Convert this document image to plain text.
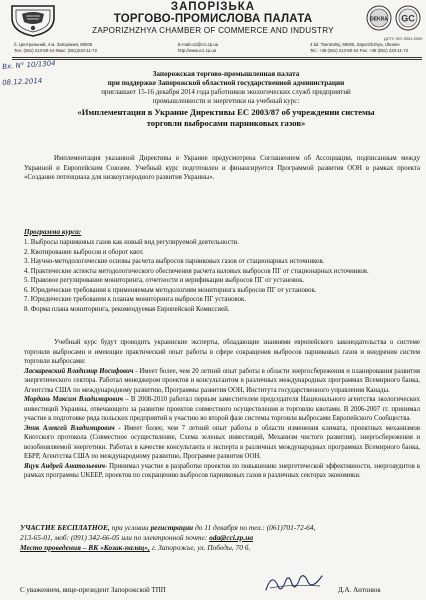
ЗАПОРІЗЬКА
ТОРГОВО-ПРОМИСЛОВА ПАЛАТА
ZAPORIZHZHYA CHAMBER OF COMMERCE AND INDUSTRY
DEKRA GC
ДСТУ ISO 9001:2009
б. Центральний, 4 м. Запоріжжя, 69005
Тел. (061) 213-50-24 Факс: (061)233-11-72
E-mail:oci@cci.zp.ua
http://www.cci.zp.ua
4 bd. Tsentralny, 69005, Zaporizhzhya, Ukraine
Tel.: +38 (061) 213-50-24 Fax: +38 (061) 233-11-72
Вх. N° 10/1304
08.12.2014
Запорожская торгово-промышленная палата
при поддержке Запорожской областной государственной администрации
приглашает 15-16 декабря 2014 года работников экологических служб предприятий
промышленности и энергетики на учебный курс:
«Имплементация в Украине Директивы ЕС 2003/87 об учреждении системы
торговли выбросами парниковых газов»

Имплементация указанной Директивы в Украине предусмотрена Соглашением об Ассоциации, подписанным между Украиной и Европейским Союзом. Учебный курс подготовлен и финансируется Программой развития ООН в рамках проекта «Создание потенциала для низкоуглеродного развития Украины».

Программа курса:
1. Выбросы парниковых газов как новый вид регулируемой деятельности.
2. Квотирование выбросов и оборот квот.
3. Научно-методологические основы расчета выбросов парниковых газов от стационарных источников.
4. Практические аспекты методологического обеспечения расчета валовых выбросов ПГ от стационарных источников.
5. Правовое регулирование мониторинга, отчетности и верификации выбросов ПГ от установок.
6. Юридические требования к применяемым методологиям мониторинга выбросов ПГ от установок.
7. Юридические требования к планам мониторинга выбросов ПГ установок.
8. Форма плана мониторинга, рекомендуемая Европейской Комиссией.

Учебный курс будут проводить украинские эксперты, обладающие знаниями европейского законодательства о системе торговли выбросами и имеющие практический опыт работы в сфере сокращения выбросов парниковых газов и внедрения систем торговли выбросами:

Ласкаревский Владимир Иосифович - Имеет более, чем 20 летний опыт работы в области энергосбережения и планирования развития энергетического сектора. Работал менеджером проектов и консультантом в различных международных программах Всемирного банка, Агентства США по международному развитию, Программы развития ООН, Института государственного управления Канады.

Мордань Максим Владимирович – В 2008-2010 работал первым заместителем председателя Национального агентства экологических инвестиций Украины, отвечающего за развитие проектов совместного осуществления и торговлю квотами. В 2006-2007 гг. принимал участие в подготовке ряда польских предприятий к участию во второй фазе системы торговли выбросами Европейского Сообщества.

Эпик Алексей Владимирович - Имеет более, чем 7 летний опыт работы в области изменения климата, проектных механизмов Киотского протокола (Совместное осуществление, Схема зеленых инвестиций, Механизм чистого развития), энергосбережения и возобновляемой энергетики. Работал в качестве консультанта и эксперта в различных международных программах Всемирного банка, ЕБРР, Агентства США по международному развитию, Программе развития ООН.

Яцук Андрей Анатольевич- Принимал участие в разработке проектов по повышению энергетической эффективности, энергоаудитов в рамках программы UKEEP, проектов по сокращению выбросов парниковых газов в различных секторах экономики.

УЧАСТИЕ БЕСПЛАТНОЕ, при условии регистрации до 11 декабря по тел.: (061)701-72-64,
213-65-01, моб: (091) 342-66-05 или по электронной почте: oda@cci.zp.ua
Место проведения – ВК «Козак-палац», г. Запорожье, ул. Победы, 70 б.
С уважением, вице-президент Запорожской ТПП	Д.А. Антонюк
